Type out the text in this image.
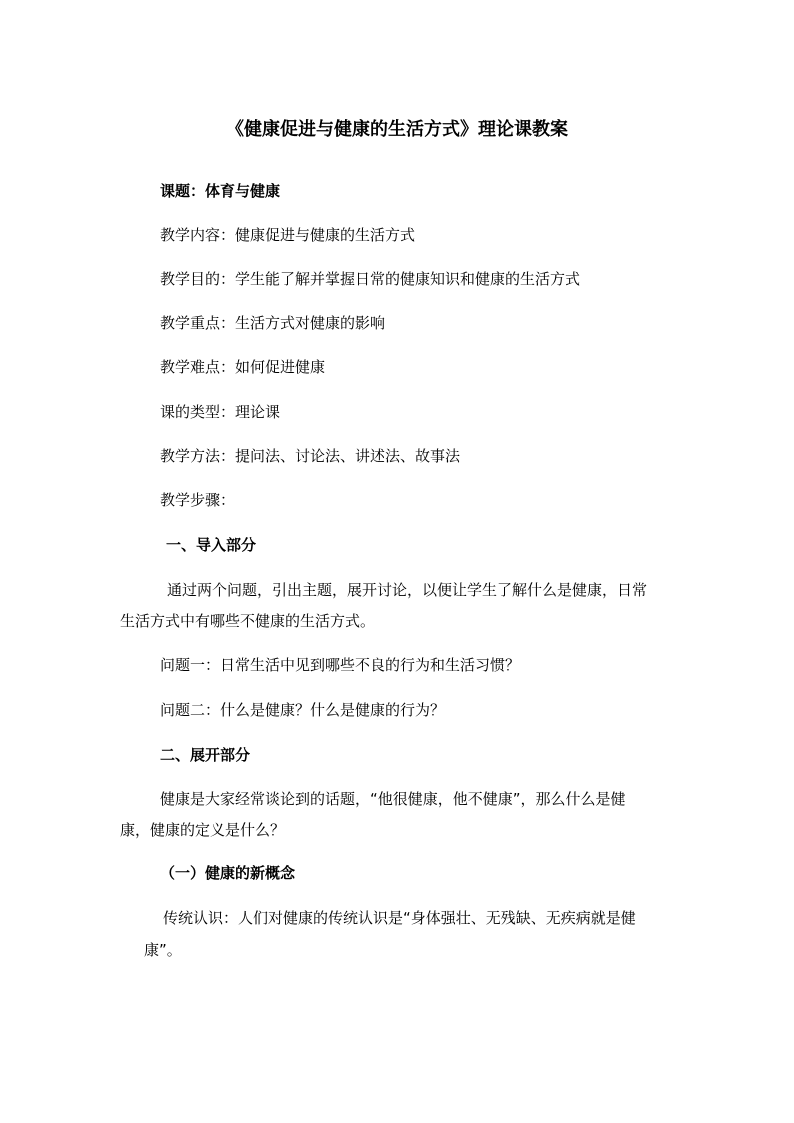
《健康促进与健康的生活方式》理论课教案
课题：体育与健康
教学内容：健康促进与健康的生活方式
教学目的：学生能了解并掌握日常的健康知识和健康的生活方式
教学重点：生活方式对健康的影响
教学难点：如何促进健康
课的类型：理论课
教学方法：提问法、讨论法、讲述法、故事法
教学步骤：
一、导入部分
通过两个问题，引出主题，展开讨论，以便让学生了解什么是健康，日常
生活方式中有哪些不健康的生活方式。
问题一：日常生活中见到哪些不良的行为和生活习惯？
问题二：什么是健康？什么是健康的行为？
二、展开部分
健康是大家经常谈论到的话题，“他很健康，他不健康”，那么什么是健
康，健康的定义是什么？
（一） 健康的新概念
传统认识：人们对健康的传统认识是“身体强壮、无残缺、无疾病就是健
康”。
